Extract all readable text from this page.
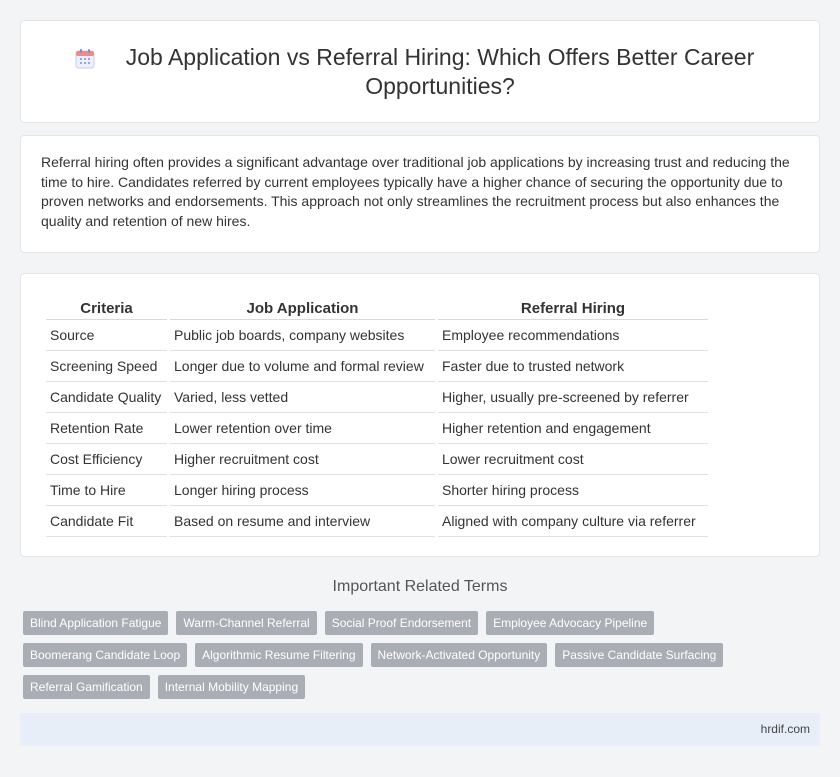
Job Application vs Referral Hiring: Which Offers Better Career Opportunities?

Referral hiring often provides a significant advantage over traditional job applications by increasing trust and reducing the time to hire. Candidates referred by current employees typically have a higher chance of securing the opportunity due to proven networks and endorsements. This approach not only streamlines the recruitment process but also enhances the quality and retention of new hires.

Criteria	Job Application	Referral Hiring
Source	Public job boards, company websites	Employee recommendations
Screening Speed	Longer due to volume and formal review	Faster due to trusted network
Candidate Quality	Varied, less vetted	Higher, usually pre-screened by referrer
Retention Rate	Lower retention over time	Higher retention and engagement
Cost Efficiency	Higher recruitment cost	Lower recruitment cost
Time to Hire	Longer hiring process	Shorter hiring process
Candidate Fit	Based on resume and interview	Aligned with company culture via referrer
Important Related Terms
Blind Application Fatigue	Warm-Channel Referral	Social Proof Endorsement	Employee Advocacy Pipeline
Boomerang Candidate Loop	Algorithmic Resume Filtering	Network-Activated Opportunity	Passive Candidate Surfacing
Referral Gamification	Internal Mobility Mapping
hrdif.com
